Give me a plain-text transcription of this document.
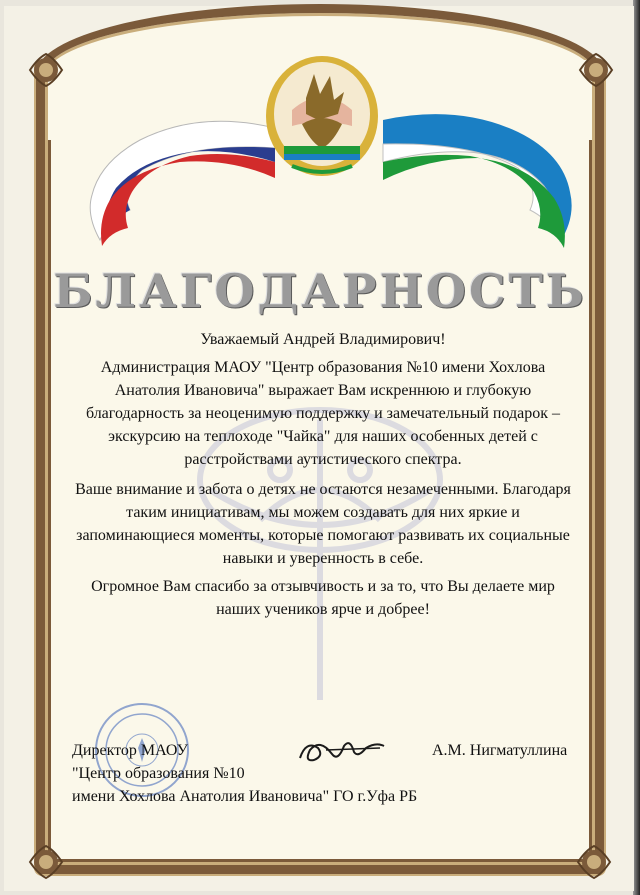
БЛАГОДАРНОСТЬ
Уважаемый Андрей Владимирович!
Администрация МАОУ "Центр образования №10 имени Хохлова Анатолия Ивановича" выражает Вам искреннюю и глубокую благодарность за неоценимую поддержку и замечательный подарок – экскурсию на теплоходе "Чайка" для наших особенных детей с расстройствами аутистического спектра.
Ваше внимание и забота о детях не остаются незамеченными. Благодаря таким инициативам, мы можем создавать для них яркие и запоминающиеся моменты, которые помогают развивать их социальные навыки и уверенность в себе.
Огромное Вам спасибо за отзывчивость и за то, что Вы делаете мир наших учеников ярче и добрее!
Директор МАОУ
"Центр образования №10
имени Хохлова Анатолия Ивановича" ГО г.Уфа РБ
А.М. Нигматуллина
